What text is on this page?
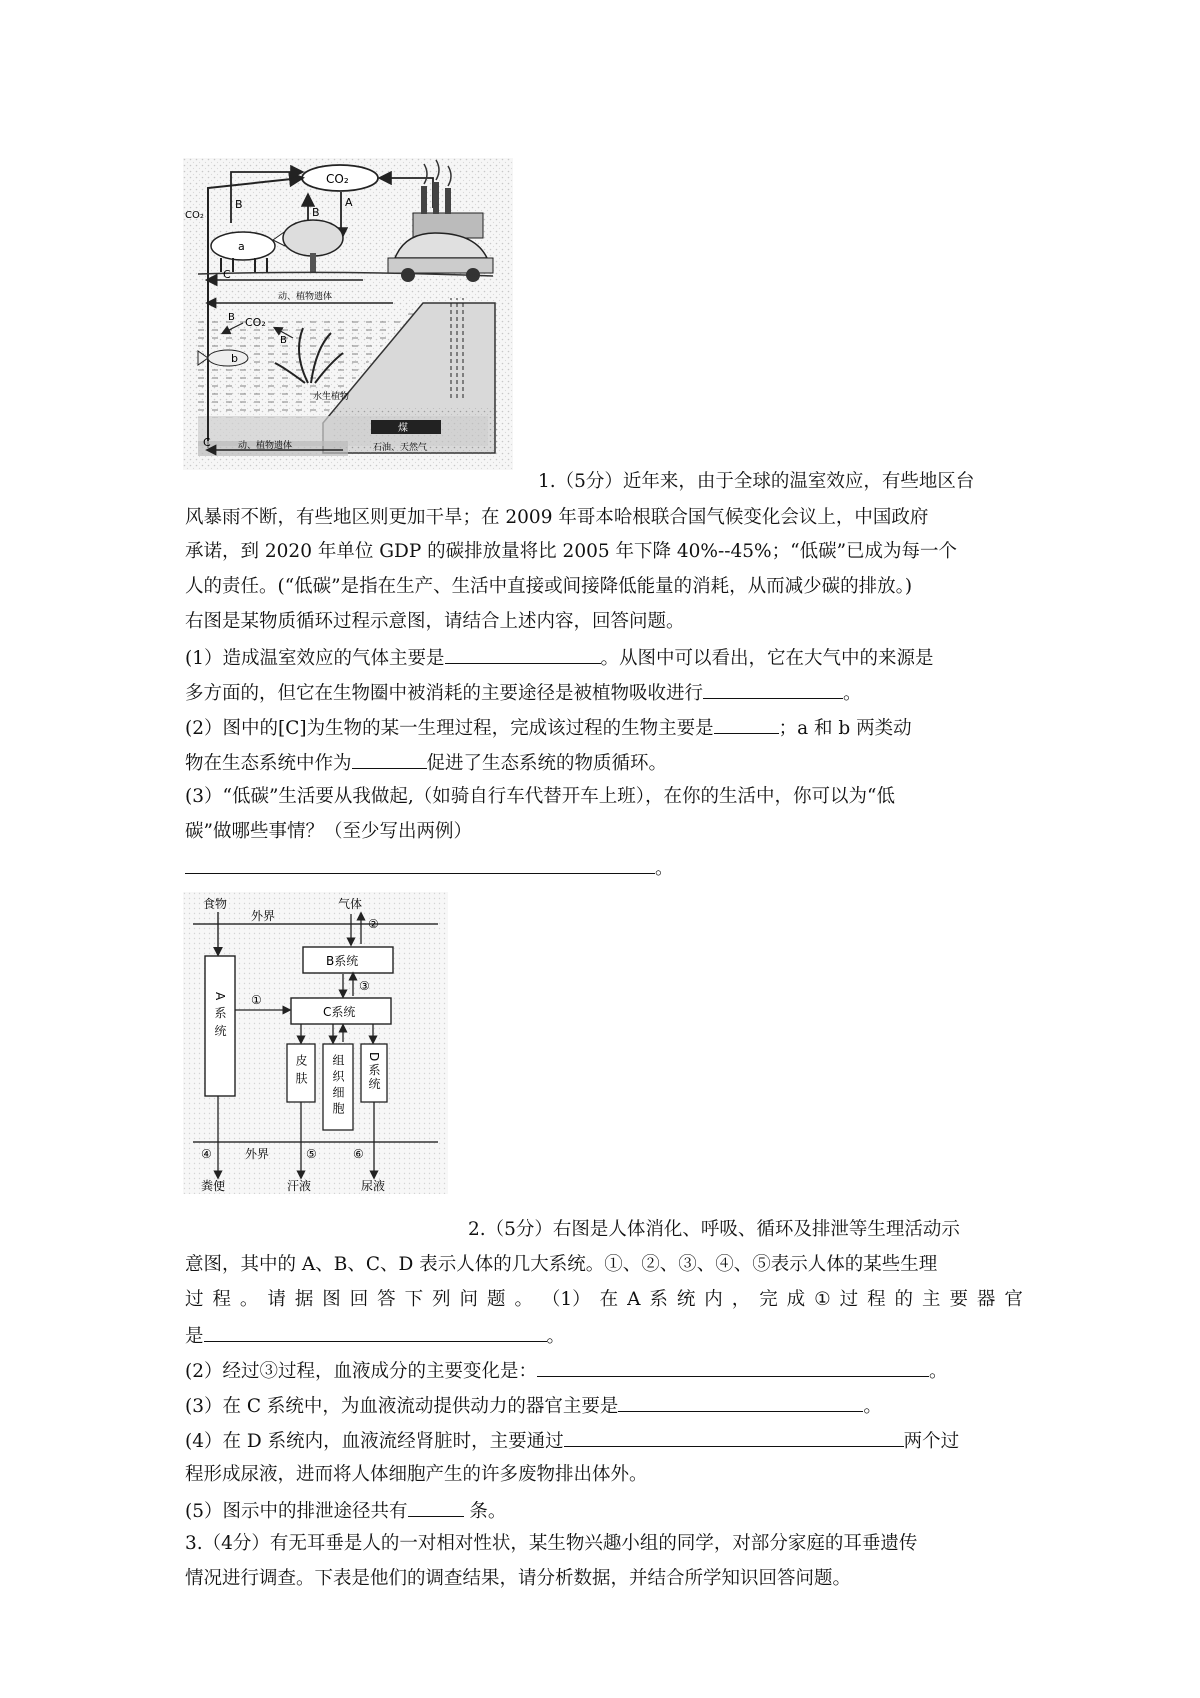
CO₂
CO₂
B
B
A
a
C
动、植物遗体
CO₂
B
B
b
水生植物
煤
C	动、植物遗体	石油、天然气
1.（5分）近年来，由于全球的温室效应，有些地区台
风暴雨不断，有些地区则更加干旱；在 2009 年哥本哈根联合国气候变化会议上，中国政府
承诺，到 2020 年单位 GDP 的碳排放量将比 2005 年下降 40%--45%；“低碳”已成为每一个
人的责任。(“低碳”是指在生产、生活中直接或间接降低能量的消耗，从而减少碳的排放。)
右图是某物质循环过程示意图，请结合上述内容，回答问题。
(1）造成温室效应的气体主要是	。从图中可以看出，它在大气中的来源是
多方面的，但它在生物圈中被消耗的主要途径是被植物吸收进行	。
(2）图中的[C]为生物的某一生理过程，完成该过程的生物主要是	；a 和 b 两类动
物在生态系统中作为	促进了生态系统的物质循环。
(3）“低碳”生活要从我做起,（如骑自行车代替开车上班），在你的生活中，你可以为“低
碳”做哪些事情？（至少写出两例）
。
食物	气体
外界
A系统
②
B系统
③
C系统
①
皮肤 组织细胞 D系统
外界
④	⑤	⑥
粪便	汗液	尿液
2.（5分）右图是人体消化、呼吸、循环及排泄等生理活动示
意图，其中的 A、B、C、D 表示人体的几大系统。①、②、③、④、⑤表示人体的某些生理
过 程 。 请 据 图 回 答 下 列 问 题 。 （1） 在 A 系 统 内 ， 完 成 ① 过 程 的 主 要 器 官
是	。
(2）经过③过程，血液成分的主要变化是：	。
(3）在 C 系统中，为血液流动提供动力的器官主要是	。
(4）在 D 系统内，血液流经肾脏时，主要通过	两个过
程形成尿液，进而将人体细胞产生的许多废物排出体外。
(5）图示中的排泄途径共有	条。
3.（4分）有无耳垂是人的一对相对性状，某生物兴趣小组的同学，对部分家庭的耳垂遗传
情况进行调查。下表是他们的调查结果，请分析数据，并结合所学知识回答问题。
